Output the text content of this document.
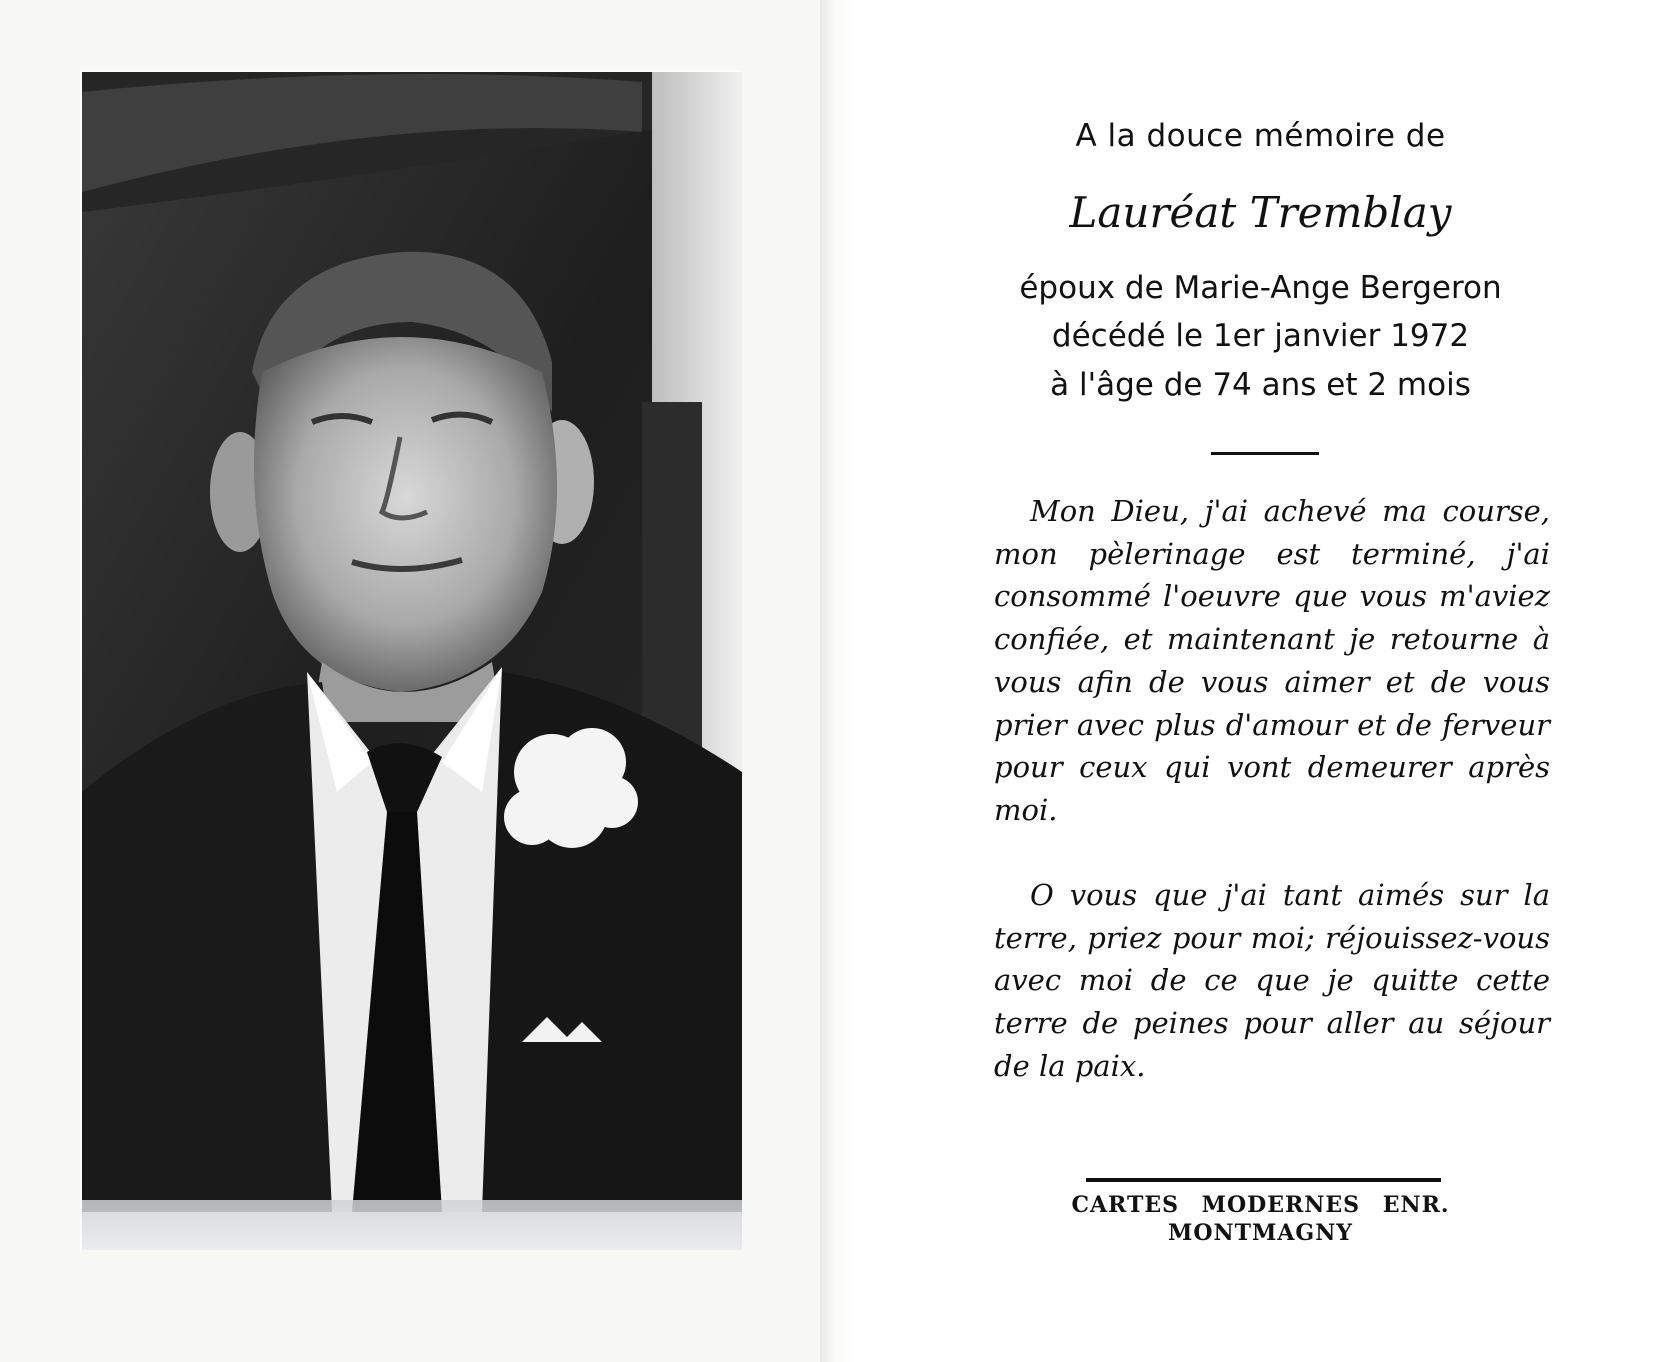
A la douce mémoire de
Lauréat Tremblay
époux de Marie-Ange Bergeron
décédé le 1er janvier 1972
à l'âge de 74 ans et 2 mois

Mon Dieu, j'ai achevé ma course, mon pèlerinage est terminé, j'ai consommé l'oeuvre que vous m'aviez confiée, et maintenant je retourne à vous afin de vous aimer et de vous prier avec plus d'amour et de ferveur pour ceux qui vont demeurer après moi.

O vous que j'ai tant aimés sur la terre, priez pour moi; réjouissez-vous avec moi de ce que je quitte cette terre de peines pour aller au séjour de la paix.

CARTES MODERNES ENR.
MONTMAGNY
